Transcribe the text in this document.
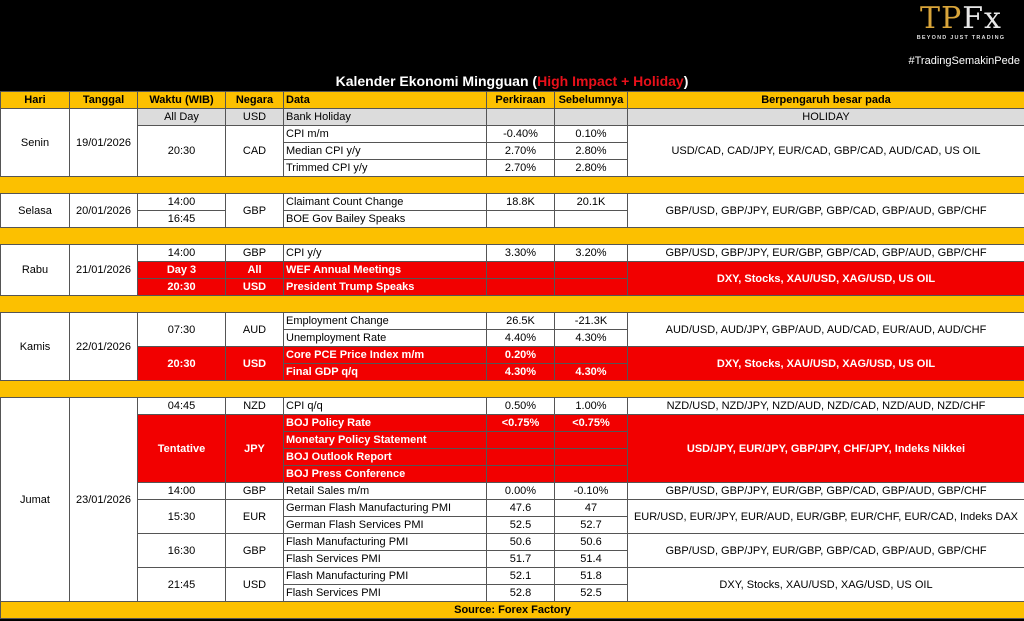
TPFx
BEYOND JUST TRADING
#TradingSemakinPede
Kalender Ekonomi Mingguan (High Impact + Holiday)
Hari	Tanggal	Waktu (WIB)	Negara	Data	Perkiraan	Sebelumnya	Berpengaruh besar pada
Senin	19/01/2026	All Day	USD	Bank Holiday			HOLIDAY
		20:30	CAD	CPI m/m	-0.40%	0.10%	USD/CAD, CAD/JPY, EUR/CAD, GBP/CAD, AUD/CAD, US OIL
				Median CPI y/y	2.70%	2.80%	
				Trimmed CPI y/y	2.70%	2.80%	

Selasa	20/01/2026	14:00	GBP	Claimant Count Change	18.8K	20.1K	GBP/USD, GBP/JPY, EUR/GBP, GBP/CAD, GBP/AUD, GBP/CHF
		16:45		BOE Gov Bailey Speaks			

Rabu	21/01/2026	14:00	GBP	CPI y/y	3.30%	3.20%	GBP/USD, GBP/JPY, EUR/GBP, GBP/CAD, GBP/AUD, GBP/CHF
		Day 3	All	WEF Annual Meetings			DXY, Stocks, XAU/USD, XAG/USD, US OIL
		20:30	USD	President Trump Speaks			

Kamis	22/01/2026	07:30	AUD	Employment Change	26.5K	-21.3K	AUD/USD, AUD/JPY, GBP/AUD, AUD/CAD, EUR/AUD, AUD/CHF
				Unemployment Rate	4.40%	4.30%	
		20:30	USD	Core PCE Price Index m/m	0.20%		DXY, Stocks, XAU/USD, XAG/USD, US OIL
				Final GDP q/q	4.30%	4.30%	

Jumat	23/01/2026	04:45	NZD	CPI q/q	0.50%	1.00%	NZD/USD, NZD/JPY, NZD/AUD, NZD/CAD, NZD/AUD, NZD/CHF
		Tentative	JPY	BOJ Policy Rate	<0.75%	<0.75%	USD/JPY, EUR/JPY, GBP/JPY, CHF/JPY, Indeks Nikkei
				Monetary Policy Statement			
				BOJ Outlook Report			
				BOJ Press Conference			
		14:00	GBP	Retail Sales m/m	0.00%	-0.10%	GBP/USD, GBP/JPY, EUR/GBP, GBP/CAD, GBP/AUD, GBP/CHF
		15:30	EUR	German Flash Manufacturing PMI	47.6	47	EUR/USD, EUR/JPY, EUR/AUD, EUR/GBP, EUR/CHF, EUR/CAD, Indeks DAX
				German Flash Services PMI	52.5	52.7	
		16:30	GBP	Flash Manufacturing PMI	50.6	50.6	GBP/USD, GBP/JPY, EUR/GBP, GBP/CAD, GBP/AUD, GBP/CHF
				Flash Services PMI	51.7	51.4	
		21:45	USD	Flash Manufacturing PMI	52.1	51.8	DXY, Stocks, XAU/USD, XAG/USD, US OIL
				Flash Services PMI	52.8	52.5	
Source: Forex Factory							
